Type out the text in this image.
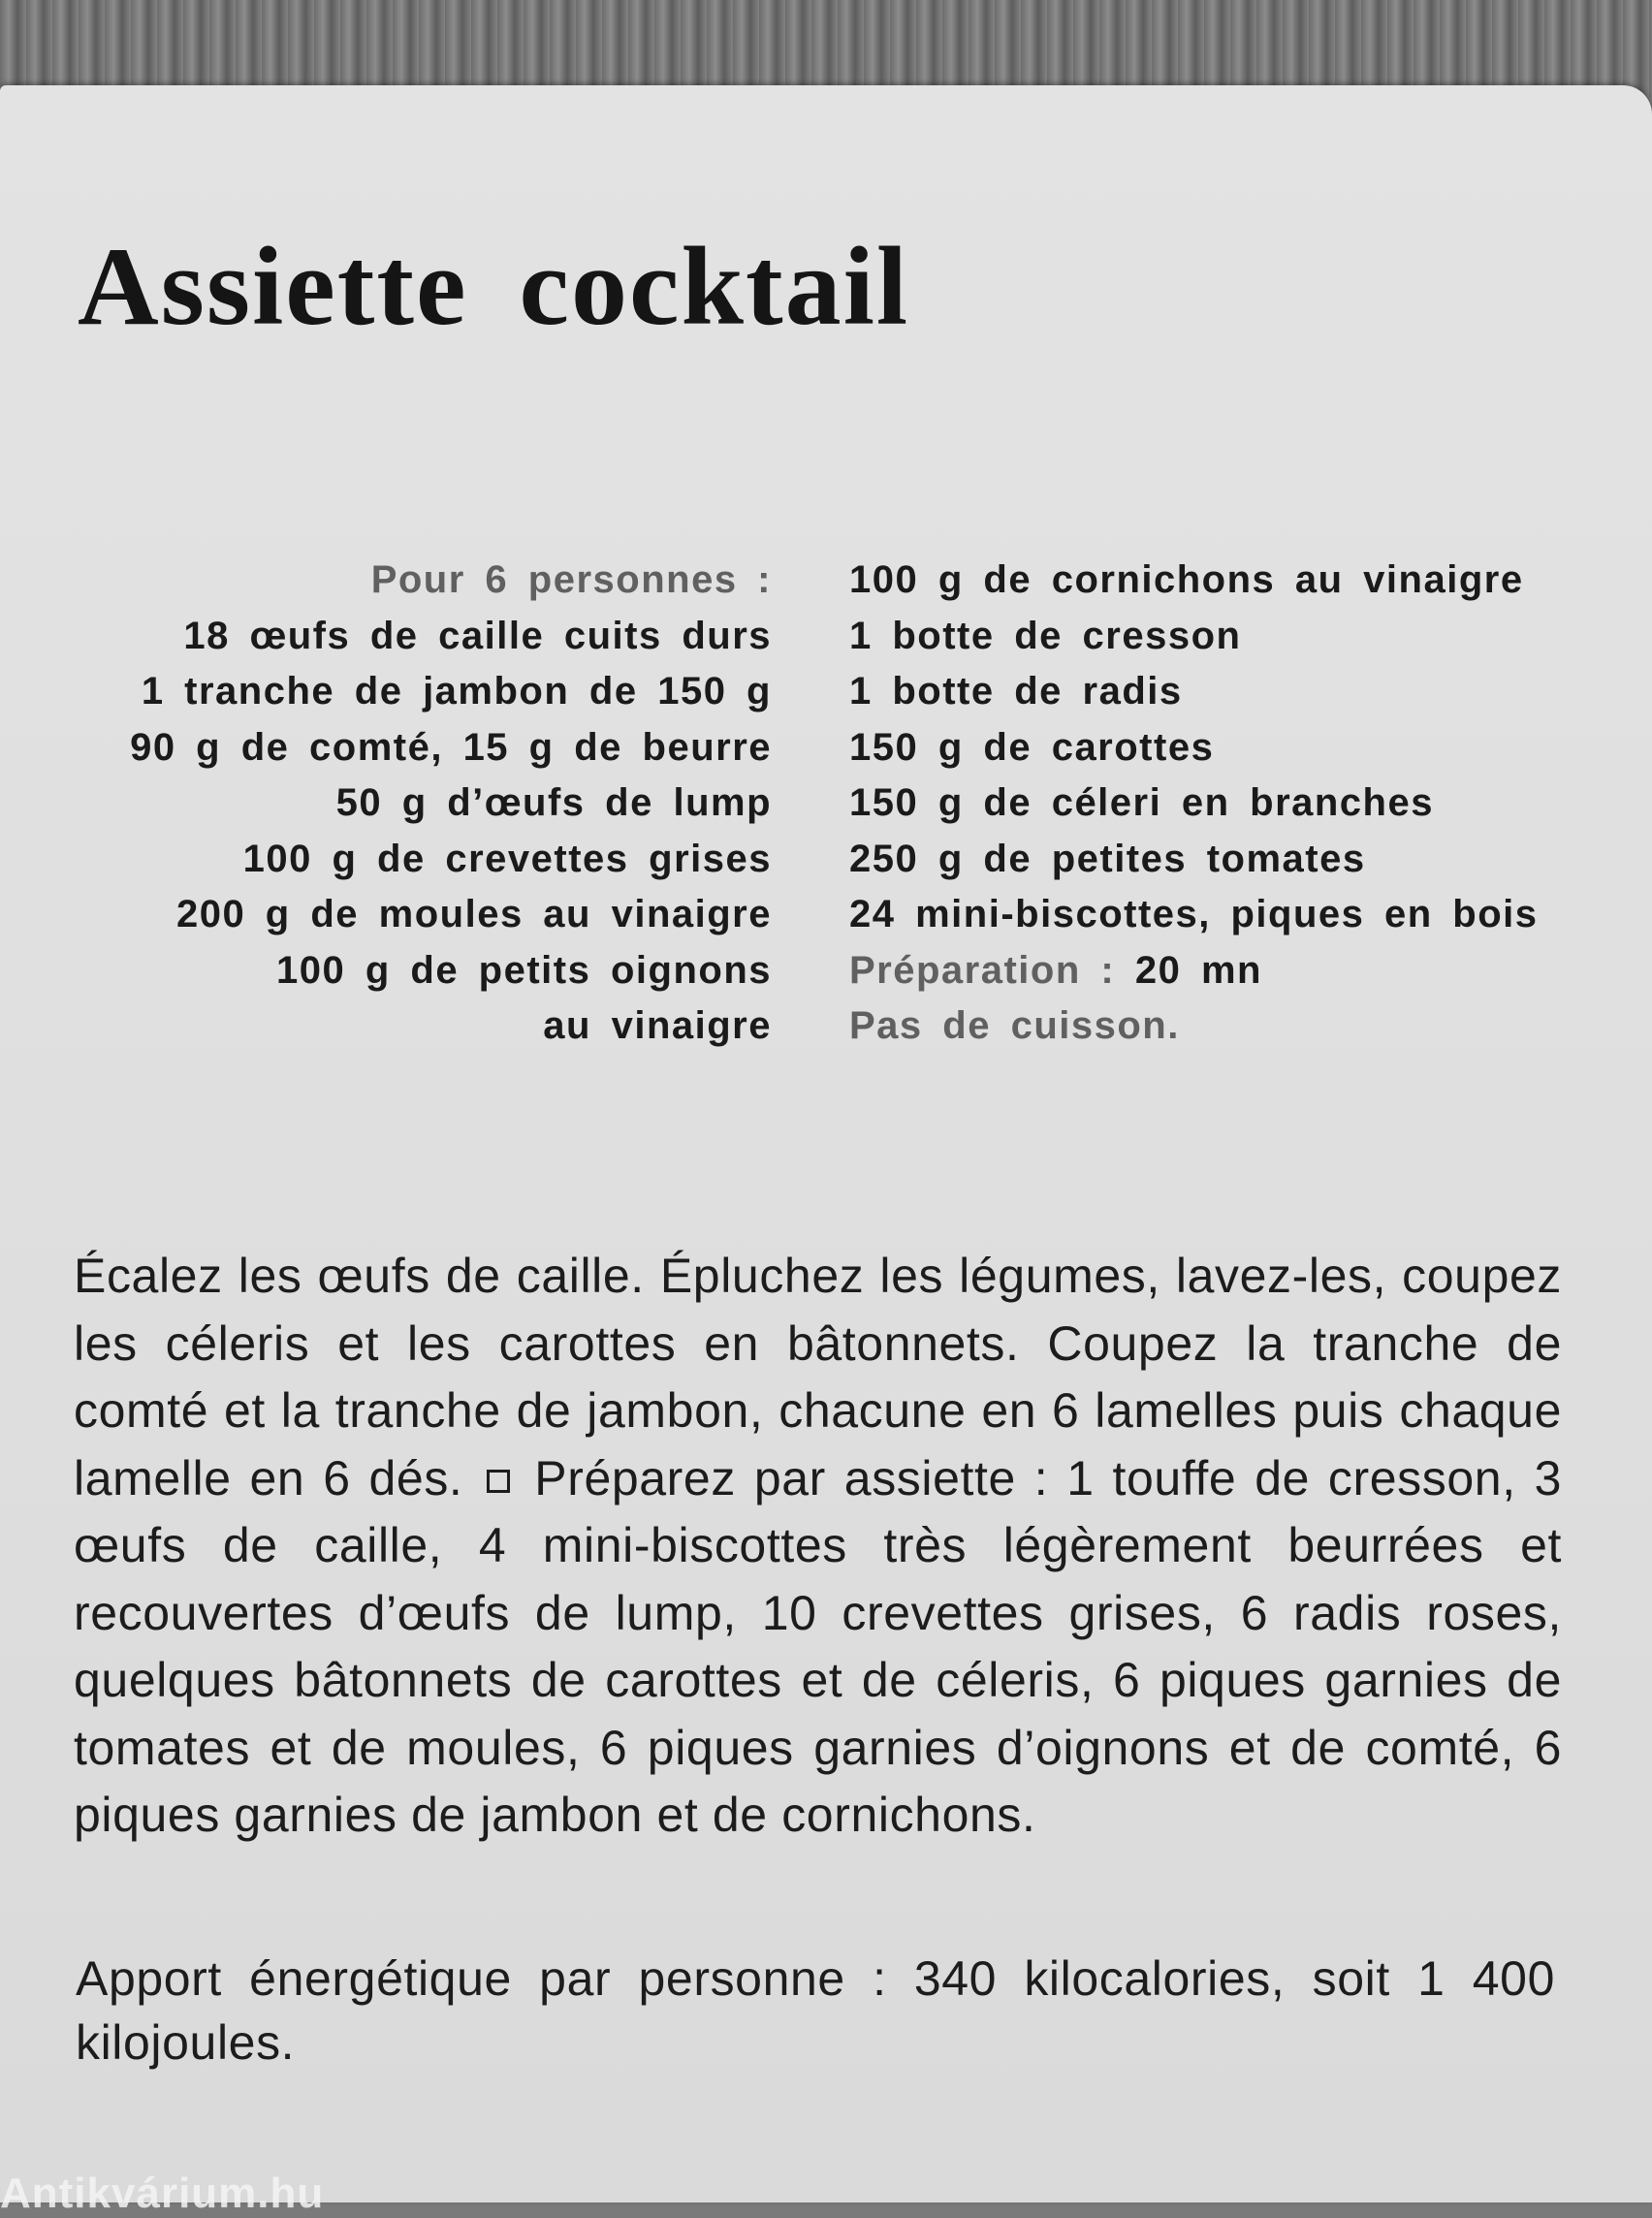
Assiette cocktail
Pour 6 personnes :
18 œufs de caille cuits durs
1 tranche de jambon de 150 g
90 g de comté, 15 g de beurre
50 g d’œufs de lump
100 g de crevettes grises
200 g de moules au vinaigre
100 g de petits oignons
au vinaigre
100 g de cornichons au vinaigre
1 botte de cresson
1 botte de radis
150 g de carottes
150 g de céleri en branches
250 g de petites tomates
24 mini-biscottes, piques en bois
Préparation : 20 mn
Pas de cuisson.

Écalez les œufs de caille. Épluchez les légumes, lavez-les, coupez les céleris et les carottes en bâtonnets. Coupez la tranche de comté et la tranche de jambon, chacune en 6 lamelles puis chaque lamelle en 6 dés. Préparez par assiette : 1 touffe de cresson, 3 œufs de caille, 4 mini-biscottes très légèrement beurrées et recouvertes d’œufs de lump, 10 crevettes grises, 6 radis roses, quelques bâtonnets de carottes et de céleris, 6 piques garnies de tomates et de moules, 6 piques garnies d’oignons et de comté, 6 piques garnies de jambon et de cornichons.

Apport énergétique par personne : 340 kilocalories, soit 1 400 kilojoules.

Antikvárium.hu
